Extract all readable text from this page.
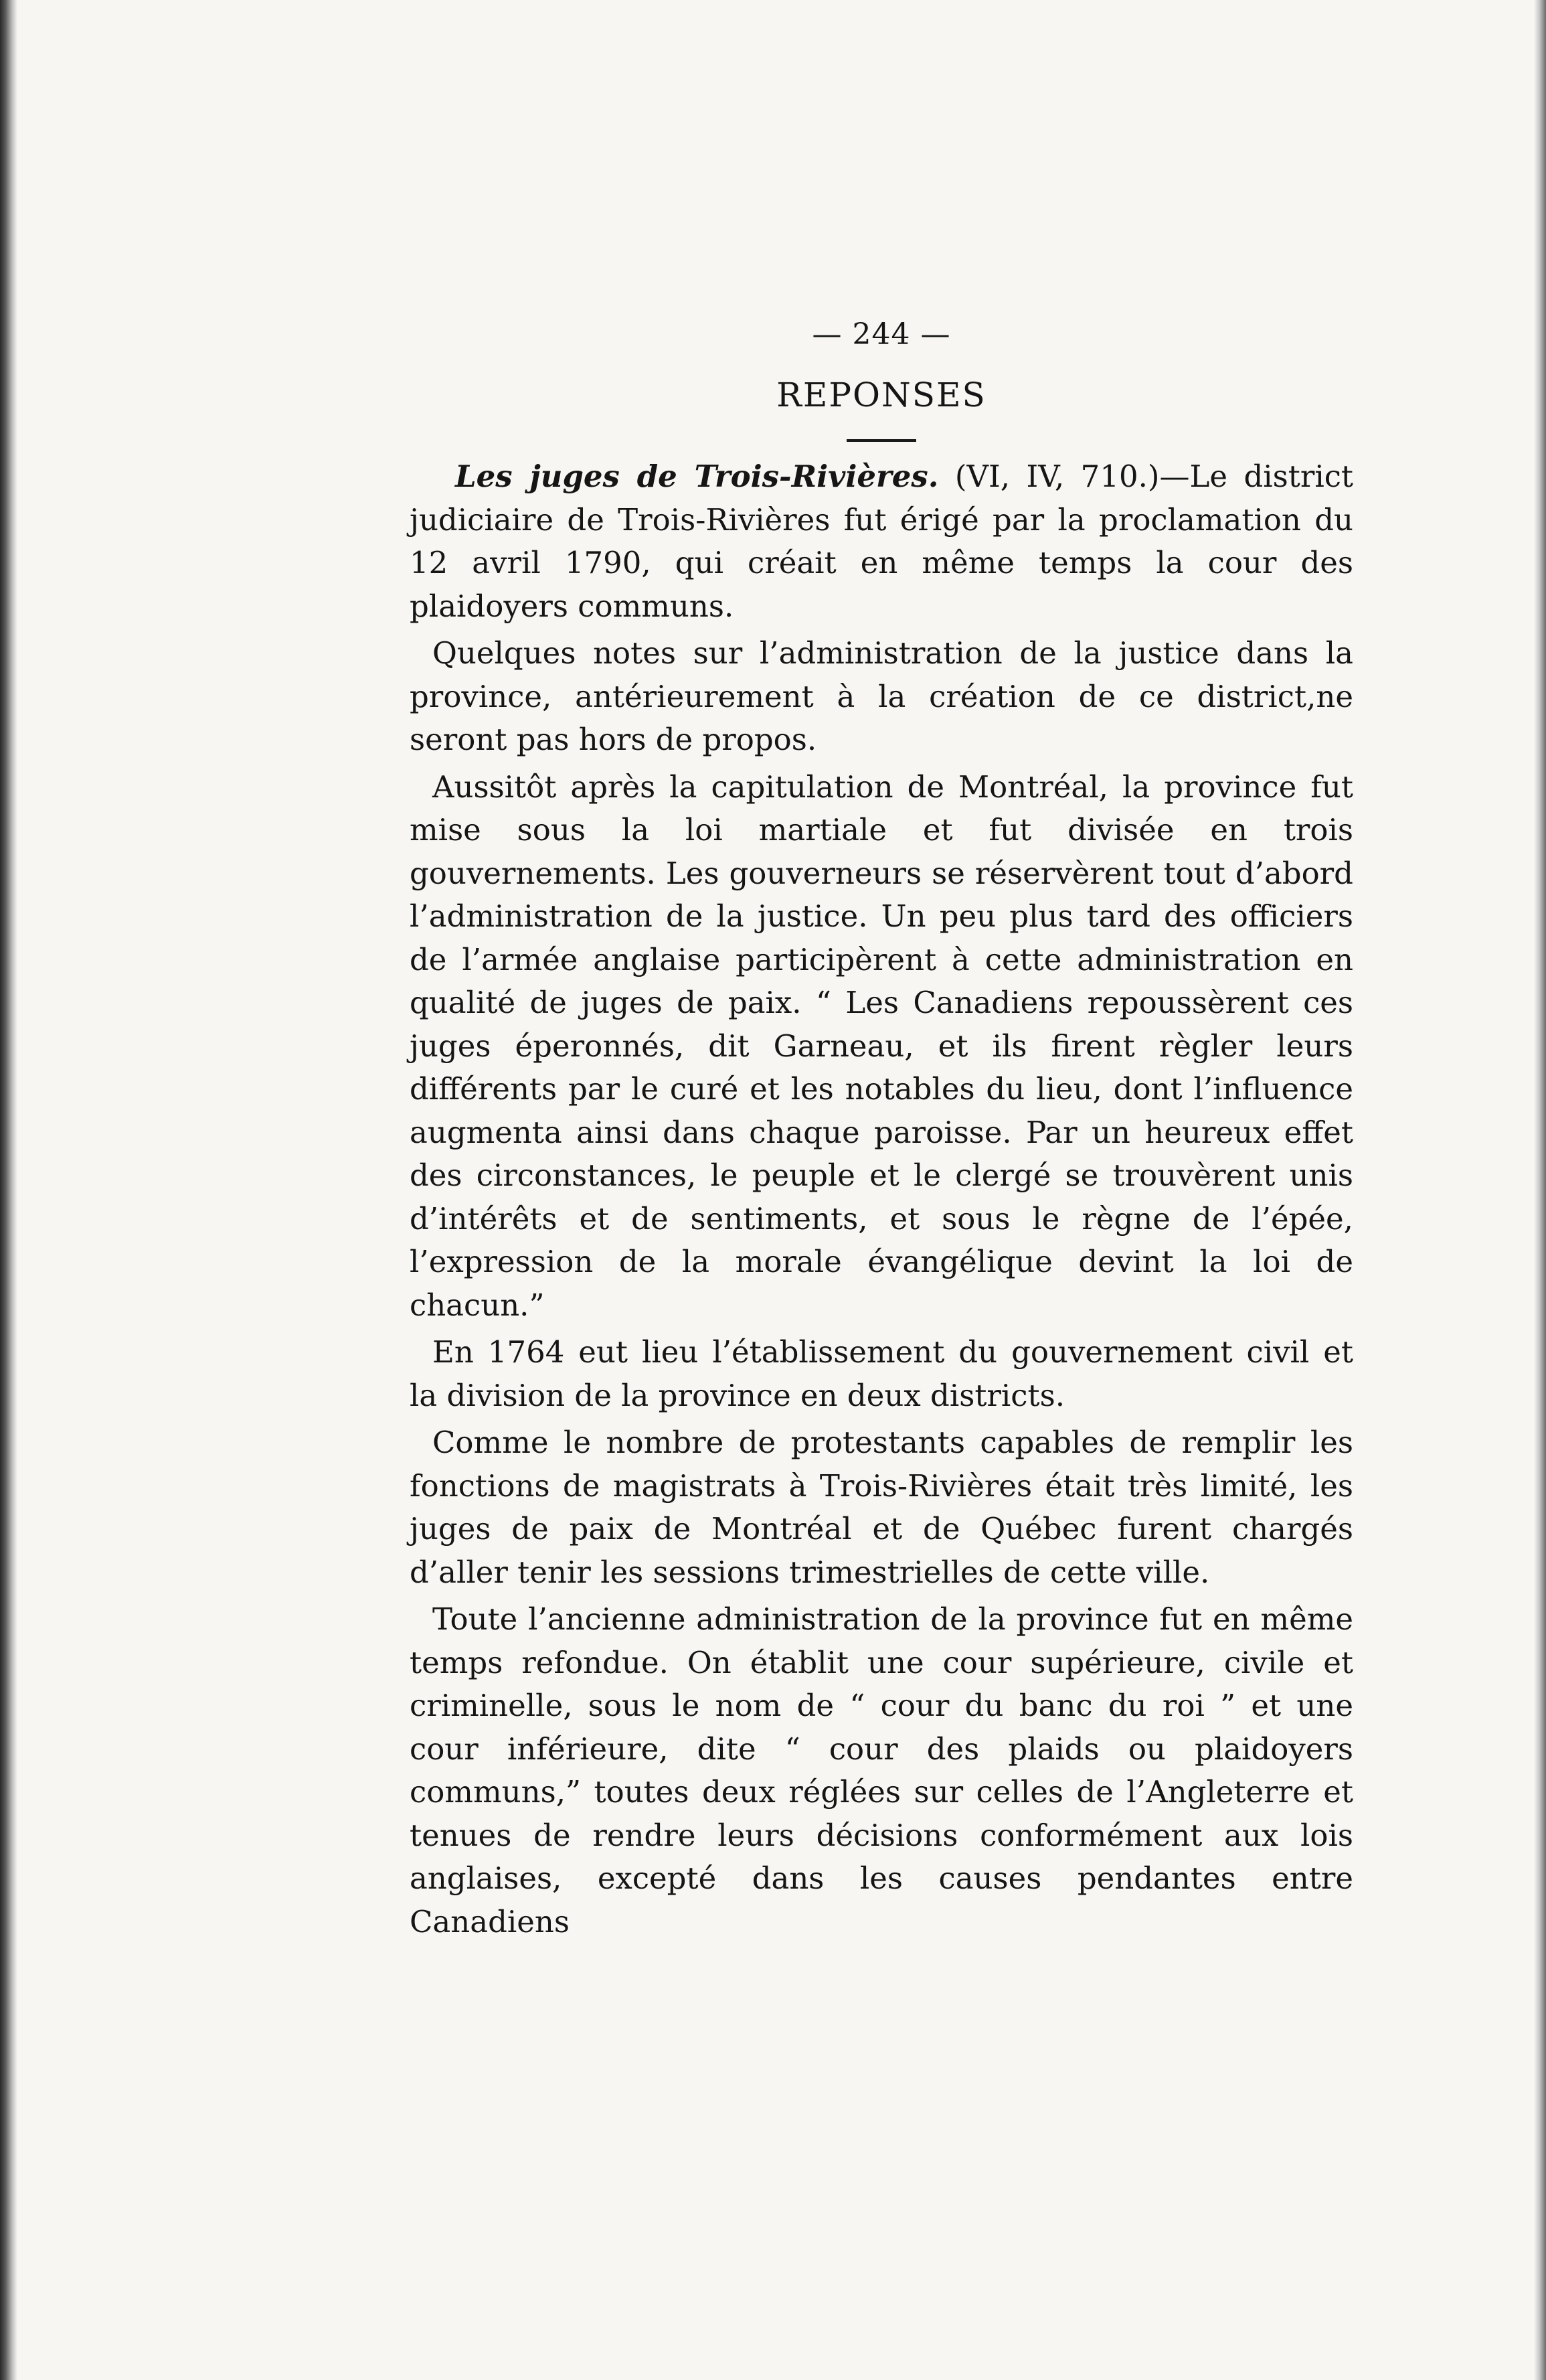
— 244 —

REPONSES

Les juges de Trois-Rivières. (VI, IV, 710.)—Le district judiciaire de Trois-Rivières fut érigé par la proclamation du 12 avril 1790, qui créait en même temps la cour des plaidoyers communs.

Quelques notes sur l’administration de la justice dans la province, antérieurement à la création de ce district,ne seront pas hors de propos.

Aussitôt après la capitulation de Montréal, la province fut mise sous la loi martiale et fut divisée en trois gouvernements. Les gouverneurs se réservèrent tout d’abord l’administration de la justice. Un peu plus tard des officiers de l’armée anglaise participèrent à cette administration en qualité de juges de paix. “ Les Canadiens repoussèrent ces juges éperonnés, dit Garneau, et ils firent règler leurs différents par le curé et les notables du lieu, dont l’influence augmenta ainsi dans chaque paroisse. Par un heureux effet des circonstances, le peuple et le clergé se trouvèrent unis d’intérêts et de sentiments, et sous le règne de l’épée, l’expression de la morale évangélique devint la loi de chacun.”

En 1764 eut lieu l’établissement du gouvernement civil et la division de la province en deux districts.

Comme le nombre de protestants capables de remplir les fonctions de magistrats à Trois-Rivières était très limité, les juges de paix de Montréal et de Québec furent chargés d’aller tenir les sessions trimestrielles de cette ville.

Toute l’ancienne administration de la province fut en même temps refondue. On établit une cour supérieure, civile et criminelle, sous le nom de “ cour du banc du roi ” et une cour inférieure, dite “ cour des plaids ou plaidoyers communs,” toutes deux réglées sur celles de l’Angleterre et tenues de rendre leurs décisions conformément aux lois anglaises, excepté dans les causes pendantes entre Canadiens
